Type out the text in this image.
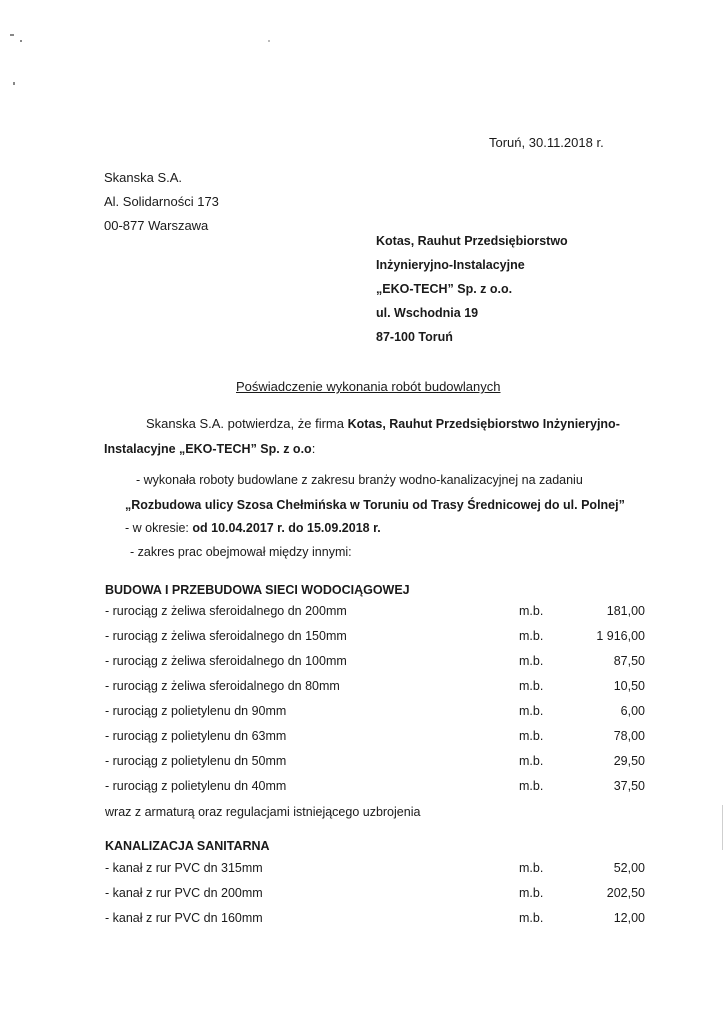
Toruń, 30.11.2018 r.
Skanska S.A.
Al. Solidarności 173
00-877 Warszawa
Kotas, Rauhut Przedsiębiorstwo
Inżynieryjno-Instalacyjne
„EKO-TECH” Sp. z o.o.
ul. Wschodnia 19
87-100 Toruń
Poświadczenie wykonania robót budowlanych
Skanska S.A. potwierdza, że firma Kotas, Rauhut Przedsiębiorstwo Inżynieryjno-
Instalacyjne „EKO-TECH” Sp. z o.o:
- wykonała roboty budowlane z zakresu branży wodno-kanalizacyjnej na zadaniu
„Rozbudowa ulicy Szosa Chełmińska w Toruniu od Trasy Średnicowej do ul. Polnej”
- w okresie: od 10.04.2017 r. do 15.09.2018 r.
- zakres prac obejmował między innymi:
BUDOWA I PRZEBUDOWA SIECI WODOCIĄGOWEJ
- rurociąg z żeliwa sferoidalnego dn 200mm	m.b.	181,00
- rurociąg z żeliwa sferoidalnego dn 150mm	m.b.	1 916,00
- rurociąg z żeliwa sferoidalnego dn 100mm	m.b.	87,50
- rurociąg z żeliwa sferoidalnego dn 80mm	m.b.	10,50
- rurociąg z polietylenu dn 90mm	m.b.	6,00
- rurociąg z polietylenu dn 63mm	m.b.	78,00
- rurociąg z polietylenu dn 50mm	m.b.	29,50
- rurociąg z polietylenu dn 40mm	m.b.	37,50
wraz z armaturą oraz regulacjami istniejącego uzbrojenia
KANALIZACJA SANITARNA
- kanał z rur PVC dn 315mm	m.b.	52,00
- kanał z rur PVC dn 200mm	m.b.	202,50
- kanał z rur PVC dn 160mm	m.b.	12,00
